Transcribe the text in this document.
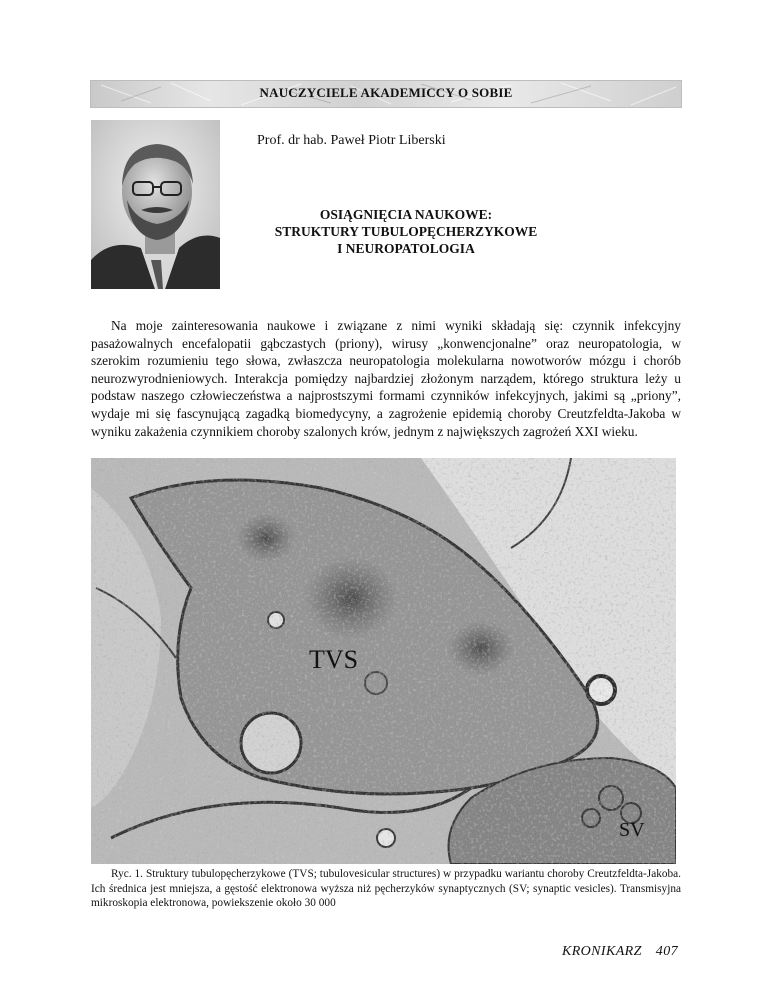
NAUCZYCIELE AKADEMICCY O SOBIE
Prof. dr hab. Paweł Piotr Liberski
OSIĄGNIĘCIA NAUKOWE:
STRUKTURY TUBULOPĘCHERZYKOWE
I NEUROPATOLOGIA
Na moje zainteresowania naukowe i związane z nimi wyniki składają się: czynnik infekcyjny pasażowalnych encefalopatii gąbczastych (priony), wirusy „konwencjonalne” oraz neuropatologia, w szerokim rozumieniu tego słowa, zwłaszcza neuropatologia molekularna nowotworów mózgu i chorób neurozwyrodnieniowych. Interakcja pomiędzy najbardziej złożonym narządem, którego struktura leży u podstaw naszego człowieczeństwa a najprostszymi formami czynników infekcyjnych, jakimi są „priony”, wydaje mi się fascynującą zagadką biomedycyny, a zagrożenie epidemią choroby Creutzfeldta-Jakoba w wyniku zakażenia czynnikiem choroby szalonych krów, jednym z największych zagrożeń XXI wieku.
TVS
SV
Ryc. 1. Struktury tubulopęcherzykowe (TVS; tubulovesicular structures) w przypadku wariantu choroby Creutzfeldta-Jakoba. Ich średnica jest mniejsza, a gęstość elektronowa wyższa niż pęcherzyków synaptycznych (SV; synaptic vesicles). Transmisyjna mikroskopia elektronowa, powiekszenie około 30 000
KRONIKARZ 407
